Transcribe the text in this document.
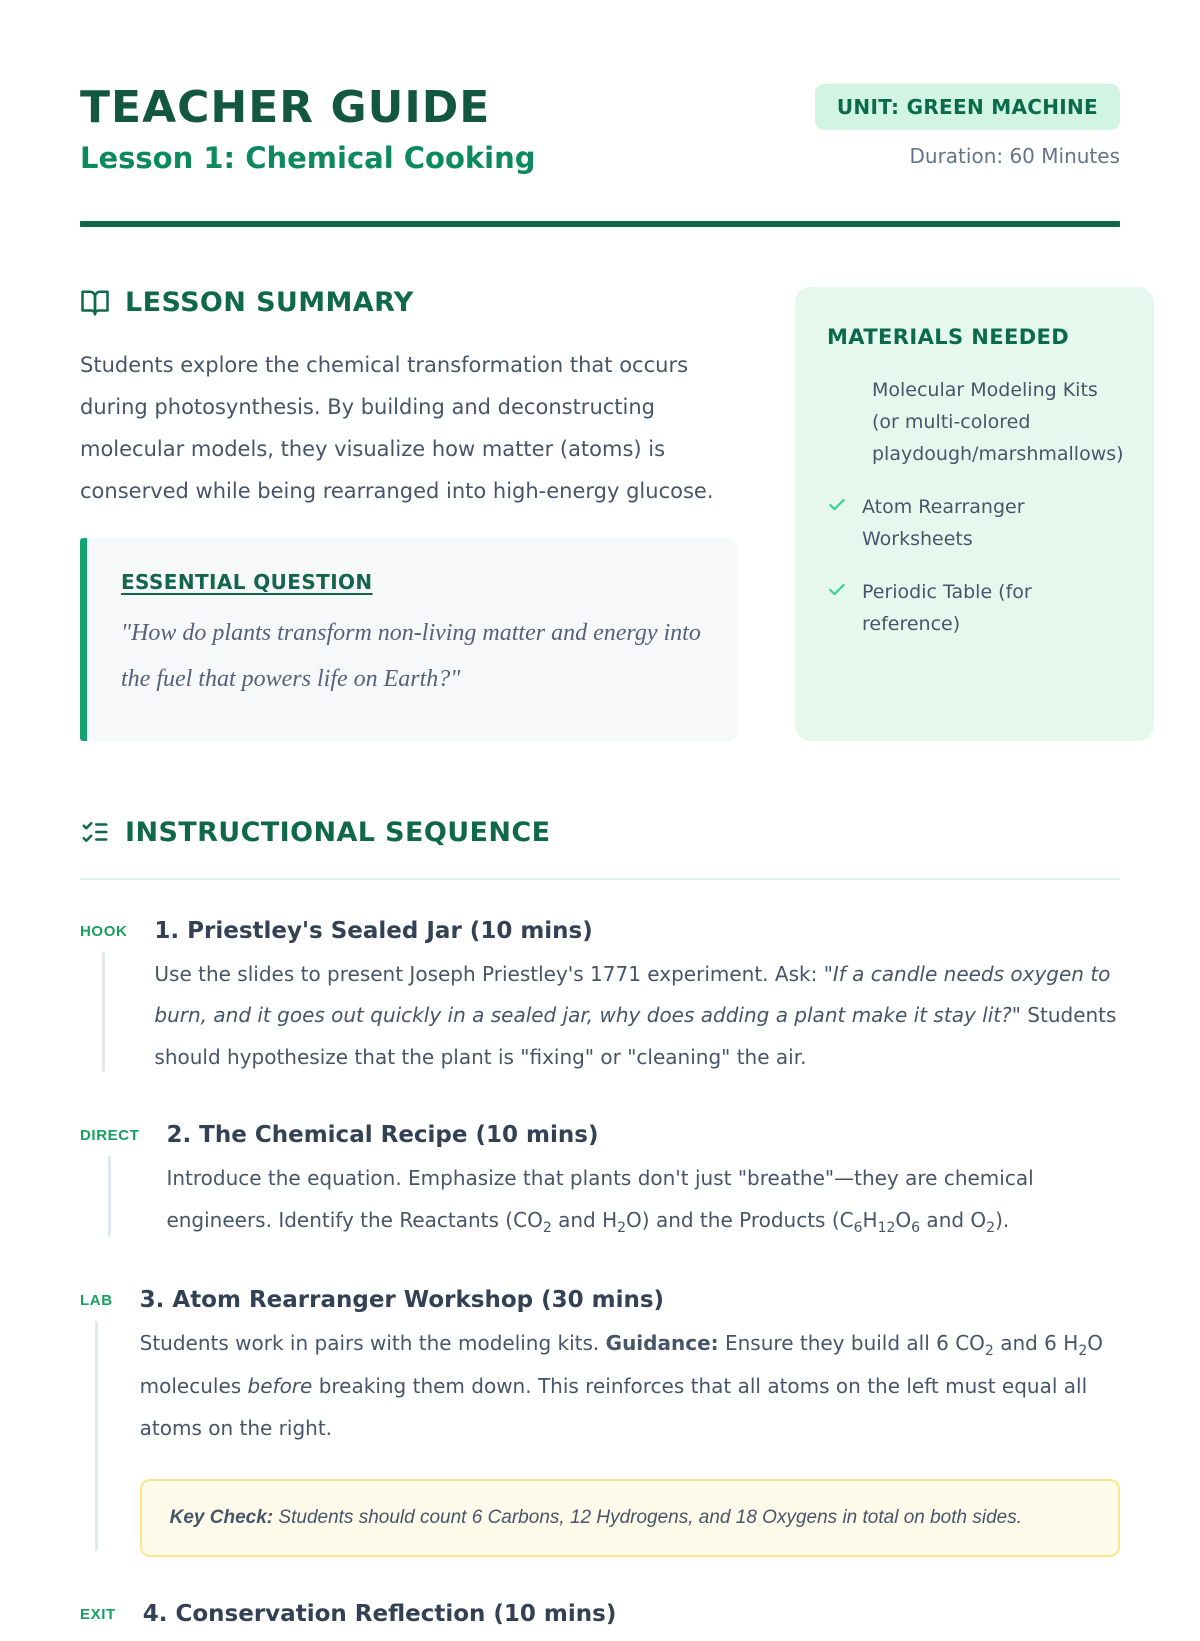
TEACHER GUIDE
Lesson 1: Chemical Cooking
UNIT: GREEN MACHINE
Duration: 60 Minutes
LESSON SUMMARY

Students explore the chemical transformation that occurs during photosynthesis. By building and deconstructing molecular models, they visualize how matter (atoms) is conserved while being rearranged into high-energy glucose.

ESSENTIAL QUESTION
"How do plants transform non-living matter and energy into the fuel that powers life on Earth?"
MATERIALS NEEDED
Molecular Modeling Kits (or multi-colored playdough/marshmallows)
Atom Rearranger Worksheets
Periodic Table (for reference)
INSTRUCTIONAL SEQUENCE
HOOK 1. Priestley's Sealed Jar (10 mins)
Use the slides to present Joseph Priestley's 1771 experiment. Ask: "If a candle needs oxygen to burn, and it goes out quickly in a sealed jar, why does adding a plant make it stay lit?" Students should hypothesize that the plant is "fixing" or "cleaning" the air.
DIRECT 2. The Chemical Recipe (10 mins)
Introduce the equation. Emphasize that plants don't just "breathe"—they are chemical engineers. Identify the Reactants ($CO_2$ and $H_2O$) and the Products ($C_6H_{12}O_6$ and $O_2$).
LAB 3. Atom Rearranger Workshop (30 mins)
Students work in pairs with the modeling kits. Guidance: Ensure they build all 6 $CO_2$ and 6 $H_2O$ molecules before breaking them down. This reinforces that all atoms on the left must equal all atoms on the right.
Key Check: Students should count 6 Carbons, 12 Hydrogens, and 18 Oxygens in total on both sides.
EXIT 4. Conservation Reflection (10 mins)
